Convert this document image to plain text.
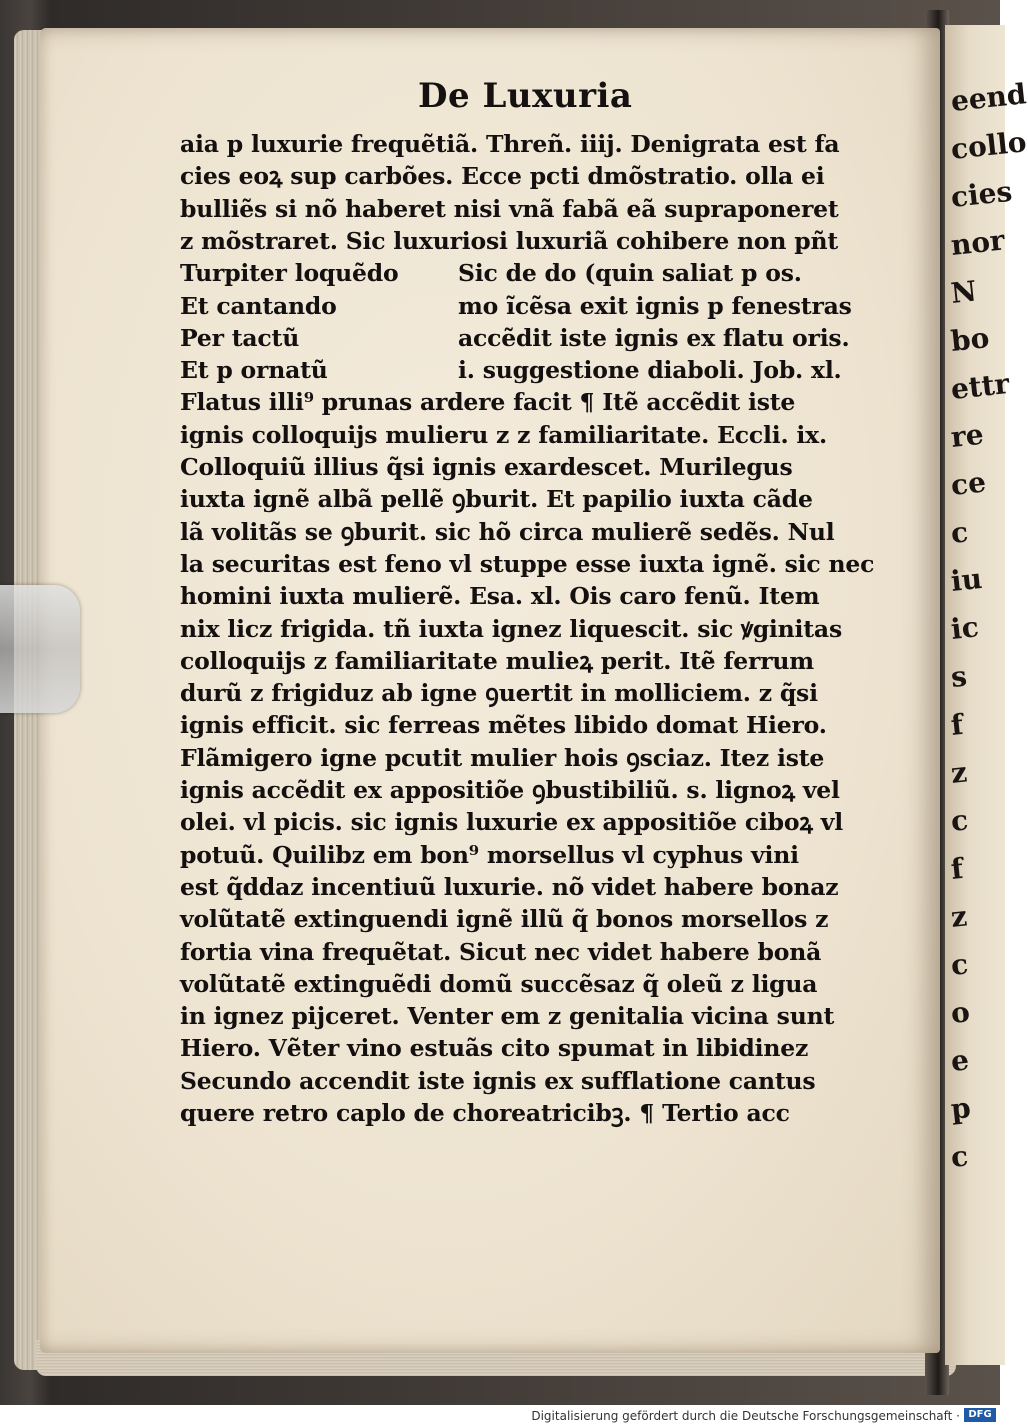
eend
collo
cies
nor
N
bo
ettr
re
ce
c
iu
ic
s
f
z
c
f
z
c
o
e
p
c
De Luxuria
aia p luxurie frequẽtiã. Threñ. iiij. Denigrata est fa
cies eoꝝ sup carbões. Ecce pcti dmõstratio. olla ei
bulliẽs si nõ haberet nisi vnã fabã eã supraponeret
z mõstraret. Sic luxuriosi luxuriã cohibere non pñt
Turpiter loquẽdo
Et cantando
Per tactũ
Et p ornatũ
Sic de do (quin saliat p os.
mo ĩcẽsa exit ignis p fenestras
accẽdit iste ignis ex flatu oris.
i. suggestione diaboli. Job. xl.
Flatus illi⁹ prunas ardere facit ¶ Itẽ accẽdit iste
ignis colloquijs mulieru z z familiaritate. Eccli. ix.
Colloquiũ illius q̃si ignis exardescet. Murilegus
iuxta ignẽ albã pellẽ ꝯburit. Et papilio iuxta cãde
lã volitãs se ꝯburit. sic hõ circa mulierẽ sedẽs. Nul
la securitas est feno vl stuppe esse iuxta ignẽ. sic nec
homini iuxta mulierẽ. Esa. xl. Ois caro fenũ. Item
nix licz frigida. tñ iuxta ignez liquescit. sic ꝟginitas
colloquijs z familiaritate mulieꝝ perit. Itẽ ferrum
durũ z frigiduz ab igne ꝯuertit in molliciem. z q̃si
ignis efficit. sic ferreas mẽtes libido domat Hiero.
Flãmigero igne pcutit mulier hois ꝯsciaz. Itez iste
ignis accẽdit ex appositiõe ꝯbustibiliũ. s. lignoꝝ vel
olei. vl picis. sic ignis luxurie ex appositiõe ciboꝝ vl
potuũ. Quilibz em bon⁹ morsellus vl cyphus vini
est q̃ddaz incentiuũ luxurie. nõ videt habere bonaz
volũtatẽ extinguendi ignẽ illũ q̃ bonos morsellos z
fortia vina frequẽtat. Sicut nec videt habere bonã
volũtatẽ extinguẽdi domũ succẽsaz q̃ oleũ z ligua
in ignez pĳceret. Venter em z genitalia vicina sunt
Hiero. Vẽter vino estuãs cito spumat in libidinez
Secundo accendit iste ignis ex sufflatione cantus
quere retro caplo de choreatricibꝫ. ¶ Tertio acc
Digitalisierung gefördert durch die Deutsche Forschungsgemeinschaft · DFG
